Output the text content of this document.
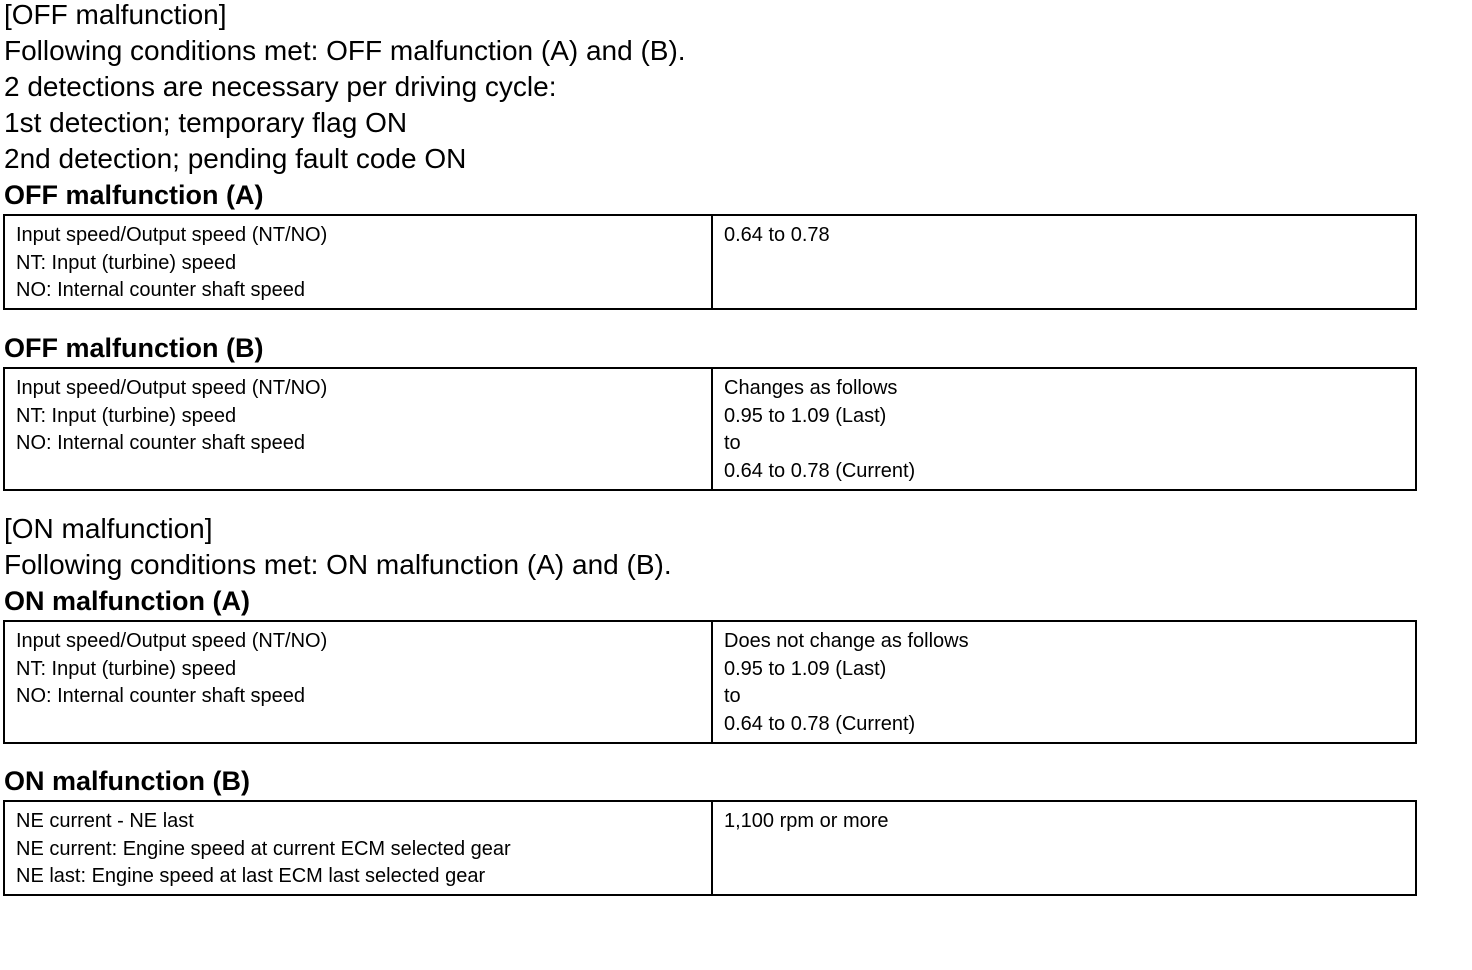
[OFF malfunction]
Following conditions met: OFF malfunction (A) and (B).
2 detections are necessary per driving cycle:
1st detection; temporary flag ON
2nd detection; pending fault code ON
OFF malfunction (A)
Input speed/Output speed (NT/NO)
NT: Input (turbine) speed
NO: Internal counter shaft speed
0.64 to 0.78
OFF malfunction (B)
Input speed/Output speed (NT/NO)
NT: Input (turbine) speed
NO: Internal counter shaft speed
Changes as follows
0.95 to 1.09 (Last)
to
0.64 to 0.78 (Current)
[ON malfunction]
Following conditions met: ON malfunction (A) and (B).
ON malfunction (A)
Input speed/Output speed (NT/NO)
NT: Input (turbine) speed
NO: Internal counter shaft speed
Does not change as follows
0.95 to 1.09 (Last)
to
0.64 to 0.78 (Current)
ON malfunction (B)
NE current - NE last
NE current: Engine speed at current ECM selected gear
NE last: Engine speed at last ECM last selected gear
1,100 rpm or more
